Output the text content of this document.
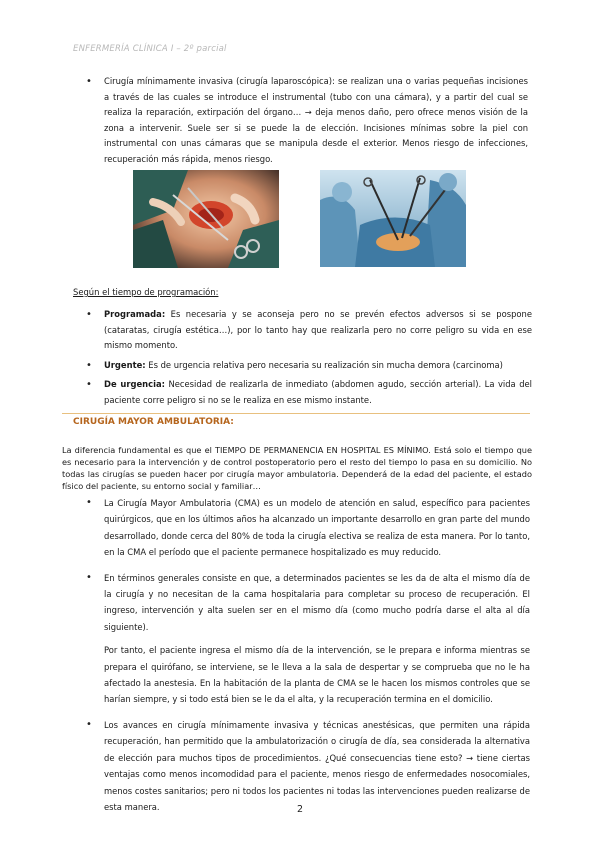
ENFERMERÍA CLÍNICA I – 2º parcial
• Cirugía mínimamente invasiva (cirugía laparoscópica): se realizan una o varias pequeñas incisiones a través de las cuales se introduce el instrumental (tubo con una cámara), y a partir del cual se realiza la reparación, extirpación del órgano… → deja menos daño, pero ofrece menos visión de la zona a intervenir. Suele ser si se puede la de elección. Incisiones mínimas sobre la piel con instrumental con unas cámaras que se manipula desde el exterior. Menos riesgo de infecciones, recuperación más rápida, menos riesgo.

Según el tiempo de programación:
• Programada: Es necesaria y se aconseja pero no se prevén efectos adversos si se pospone (cataratas, cirugía estética…), por lo tanto hay que realizarla pero no corre peligro su vida en ese mismo momento.

• Urgente: Es de urgencia relativa pero necesaria su realización sin mucha demora (carcinoma)

• De urgencia: Necesidad de realizarla de inmediato (abdomen agudo, sección arterial). La vida del paciente corre peligro si no se le realiza en ese mismo instante.

CIRUGÍA MAYOR AMBULATORIA:

La diferencia fundamental es que el TIEMPO DE PERMANENCIA EN HOSPITAL ES MÍNIMO. Está solo el tiempo que es necesario para la intervención y de control postoperatorio pero el resto del tiempo lo pasa en su domicilio. No todas las cirugías se pueden hacer por cirugía mayor ambulatoria. Dependerá de la edad del paciente, el estado físico del paciente, su entorno social y familiar…

• La Cirugía Mayor Ambulatoria (CMA) es un modelo de atención en salud, específico para pacientes quirúrgicos, que en los últimos años ha alcanzado un importante desarrollo en gran parte del mundo desarrollado, donde cerca del 80% de toda la cirugía electiva se realiza de esta manera. Por lo tanto, en la CMA el período que el paciente permanece hospitalizado es muy reducido.

• En términos generales consiste en que, a determinados pacientes se les da de alta el mismo día de la cirugía y no necesitan de la cama hospitalaria para completar su proceso de recuperación. El ingreso, intervención y alta suelen ser en el mismo día (como mucho podría darse el alta al día siguiente).

Por tanto, el paciente ingresa el mismo día de la intervención, se le prepara e informa mientras se prepara el quirófano, se interviene, se le lleva a la sala de despertar y se comprueba que no le ha afectado la anestesia. En la habitación de la planta de CMA se le hacen los mismos controles que se harían siempre, y si todo está bien se le da el alta, y la recuperación termina en el domicilio.

• Los avances en cirugía mínimamente invasiva y técnicas anestésicas, que permiten una rápida recuperación, han permitido que la ambulatorización o cirugía de día, sea considerada la alternativa de elección para muchos tipos de procedimientos. ¿Qué consecuencias tiene esto? → tiene ciertas ventajas como menos incomodidad para el paciente, menos riesgo de enfermedades nosocomiales, menos costes sanitarios; pero ni todos los pacientes ni todas las intervenciones pueden realizarse de esta manera.	2
